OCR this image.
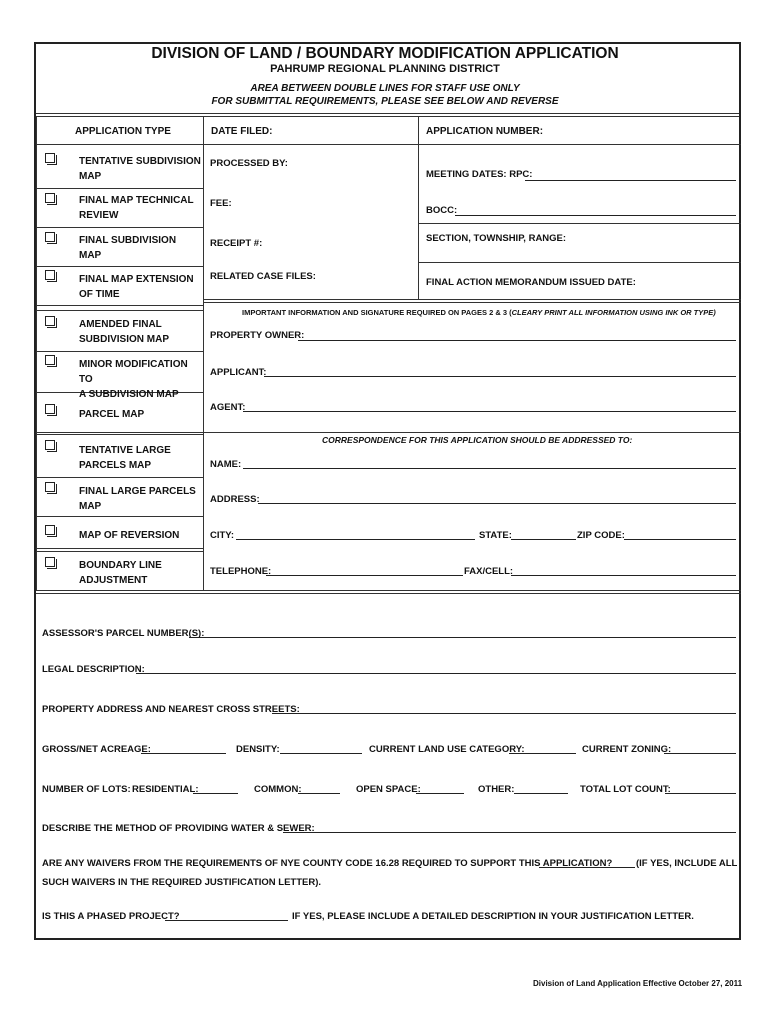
DIVISION OF LAND / BOUNDARY MODIFICATION APPLICATION
PAHRUMP REGIONAL PLANNING DISTRICT
AREA BETWEEN DOUBLE LINES FOR STAFF USE ONLY
FOR SUBMITTAL REQUIREMENTS, PLEASE SEE BELOW AND REVERSE
APPLICATION TYPE	DATE FILED:	APPLICATION NUMBER:
PROCESSED BY:
MEETING DATES: RPC:
FEE:
BOCC:
SECTION, TOWNSHIP, RANGE:
RECEIPT #:
RELATED CASE FILES:
FINAL ACTION MEMORANDUM ISSUED DATE:
TENTATIVE SUBDIVISION
MAP
FINAL MAP TECHNICAL
REVIEW
FINAL SUBDIVISION
MAP
FINAL MAP EXTENSION
OF TIME
AMENDED FINAL
SUBDIVISION MAP
MINOR MODIFICATION TO
A SUBDIVISION MAP
PARCEL MAP
TENTATIVE LARGE
PARCELS MAP
FINAL LARGE PARCELS
MAP
MAP OF REVERSION
BOUNDARY LINE
ADJUSTMENT
IMPORTANT INFORMATION AND SIGNATURE REQUIRED ON PAGES 2 & 3 (CLEARY PRINT ALL INFORMATION USING INK OR TYPE)
PROPERTY OWNER:
APPLICANT:
AGENT:
CORRESPONDENCE FOR THIS APPLICATION SHOULD BE ADDRESSED TO:
NAME:
ADDRESS:
CITY:	STATE:	ZIP CODE:
TELEPHONE:	FAX/CELL:
ASSESSOR'S PARCEL NUMBER(S):
LEGAL DESCRIPTION:
PROPERTY ADDRESS AND NEAREST CROSS STREETS:
GROSS/NET ACREAGE:	DENSITY:	CURRENT LAND USE CATEGORY:	CURRENT ZONING:
NUMBER OF LOTS: RESIDENTIAL:	COMMON:	OPEN SPACE:	OTHER:	TOTAL LOT COUNT:
DESCRIBE THE METHOD OF PROVIDING WATER & SEWER:
ARE ANY WAIVERS FROM THE REQUIREMENTS OF NYE COUNTY CODE 16.28 REQUIRED TO SUPPORT THIS APPLICATION?	(IF YES, INCLUDE ALL
SUCH WAIVERS IN THE REQUIRED JUSTIFICATION LETTER).
IS THIS A PHASED PROJECT?	IF YES, PLEASE INCLUDE A DETAILED DESCRIPTION IN YOUR JUSTIFICATION LETTER.
Division of Land Application Effective October 27, 2011
